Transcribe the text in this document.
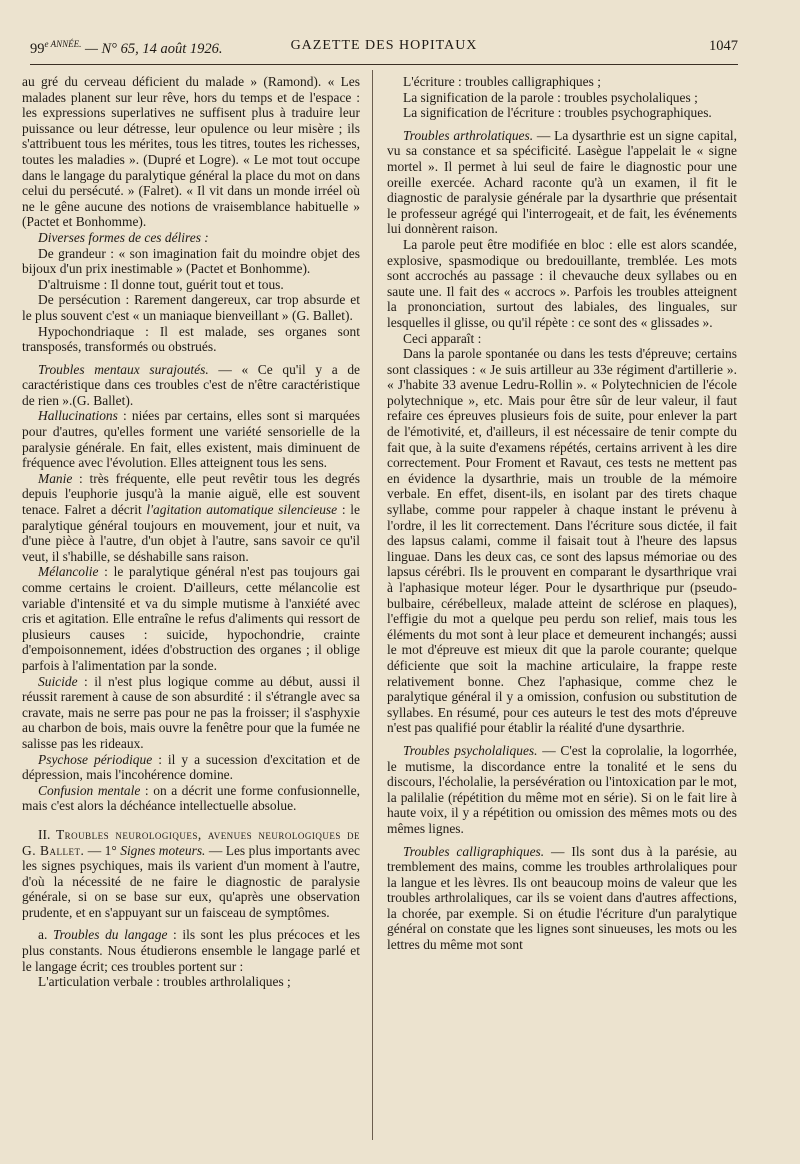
$99^{e ANNÉE.}$ — N° 65, 14 août 1926.	GAZETTE DES HOPITAUX	1047

au gré du cerveau déficient du malade » (Ramond). « Les malades planent sur leur rêve, hors du temps et de l'espace : les expressions superlatives ne suffisent plus à traduire leur puissance ou leur détresse, leur opulence ou leur misère ; ils s'attribuent tous les mérites, tous les titres, toutes les richesses, toutes les maladies ». (Dupré et Logre). « Le mot tout occupe dans le langage du paralytique général la place du mot on dans celui du persécuté. » (Falret). « Il vit dans un monde irréel où ne le gêne aucune des notions de vraisemblance habituelle » (Pactet et Bonhomme).

Diverses formes de ces délires :

De grandeur : « son imagination fait du moindre objet des bijoux d'un prix inestimable » (Pactet et Bonhomme).

D'altruisme : Il donne tout, guérit tout et tous.

De persécution : Rarement dangereux, car trop absurde et le plus souvent c'est « un maniaque bienveillant » (G. Ballet).

Hypochondriaque : Il est malade, ses organes sont transposés, transformés ou obstrués.

Troubles mentaux surajoutés. — « Ce qu'il y a de caractéristique dans ces troubles c'est de n'être caractéristique de rien ».(G. Ballet).

Hallucinations : niées par certains, elles sont si marquées pour d'autres, qu'elles forment une variété sensorielle de la paralysie générale. En fait, elles existent, mais diminuent de fréquence avec l'évolution. Elles atteignent tous les sens.

Manie : très fréquente, elle peut revêtir tous les degrés depuis l'euphorie jusqu'à la manie aiguë, elle est souvent tenace. Falret a décrit l'agitation automatique silencieuse : le paralytique général toujours en mouvement, jour et nuit, va d'une pièce à l'autre, d'un objet à l'autre, sans savoir ce qu'il veut, il s'habille, se déshabille sans raison.

Mélancolie : le paralytique général n'est pas toujours gai comme certains le croient. D'ailleurs, cette mélancolie est variable d'intensité et va du simple mutisme à l'anxiété avec cris et agitation. Elle entraîne le refus d'aliments qui ressort de plusieurs causes : suicide, hypochondrie, crainte d'empoisonnement, idées d'obstruction des organes ; il oblige parfois à l'alimentation par la sonde.

Suicide : il n'est plus logique comme au début, aussi il réussit rarement à cause de son absurdité : il s'étrangle avec sa cravate, mais ne serre pas pour ne pas la froisser; il s'asphyxie au charbon de bois, mais ouvre la fenêtre pour que la fumée ne salisse pas les rideaux.

Psychose périodique : il y a sucession d'excitation et de dépression, mais l'incohérence domine.

Confusion mentale : on a décrit une forme confusionnelle, mais c'est alors la déchéance intellectuelle absolue.

II. Troubles neurologiques, avenues neurologiques de G. Ballet. — 1° Signes moteurs. — Les plus importants avec les signes psychiques, mais ils varient d'un moment à l'autre, d'où la nécessité de ne faire le diagnostic de paralysie générale, si on se base sur eux, qu'après une observation prudente, et en s'appuyant sur un faisceau de symptômes.

a. Troubles du langage : ils sont les plus précoces et les plus constants. Nous étudierons ensemble le langage parlé et le langage écrit; ces troubles portent sur :

L'articulation verbale : troubles arthrolaliques ;

L'écriture : troubles calligraphiques ;

La signification de la parole : troubles psycholaliques ;

La signification de l'écriture : troubles psychographiques.

Troubles arthrolatiques. — La dysarthrie est un signe capital, vu sa constance et sa spécificité. Lasègue l'appelait le « signe mortel ». Il permet à lui seul de faire le diagnostic pour une oreille exercée. Achard raconte qu'à un examen, il fit le diagnostic de paralysie générale par la dysarthrie que présentait le professeur agrégé qui l'interrogeait, et de fait, les événements lui donnèrent raison.

La parole peut être modifiée en bloc : elle est alors scandée, explosive, spasmodique ou bredouillante, tremblée. Les mots sont accrochés au passage : il chevauche deux syllabes ou en saute une. Il fait des « accrocs ». Parfois les troubles atteignent la prononciation, surtout des labiales, des linguales, sur lesquelles il glisse, ou qu'il répète : ce sont des « glissades ».

Ceci apparaît :

Dans la parole spontanée ou dans les tests d'épreuve; certains sont classiques : « Je suis artilleur au 33e régiment d'artillerie ». « J'habite 33 avenue Ledru-Rollin ». « Polytechnicien de l'école polytechnique », etc. Mais pour être sûr de leur valeur, il faut refaire ces épreuves plusieurs fois de suite, pour enlever la part de l'émotivité, et, d'ailleurs, il est nécessaire de tenir compte du fait que, à la suite d'examens répétés, certains arrivent à les dire correctement. Pour Froment et Ravaut, ces tests ne mettent pas en évidence la dysarthrie, mais un trouble de la mémoire verbale. En effet, disent-ils, en isolant par des tirets chaque syllabe, comme pour rappeler à chaque instant le prévenu à l'ordre, il les lit correctement. Dans l'écriture sous dictée, il fait des lapsus calami, comme il faisait tout à l'heure des lapsus linguae. Dans les deux cas, ce sont des lapsus mémoriae ou des lapsus cérébri. Ils le prouvent en comparant le dysarthrique vrai à l'aphasique moteur léger. Pour le dysarthrique pur (pseudo-bulbaire, cérébelleux, malade atteint de sclérose en plaques), l'effigie du mot a quelque peu perdu son relief, mais tous les éléments du mot sont à leur place et demeurent inchangés; aussi le mot d'épreuve est mieux dit que la parole courante; quelque déficiente que soit la machine articulaire, la frappe reste relativement bonne. Chez l'aphasique, comme chez le paralytique général il y a omission, confusion ou substitution de syllabes. En résumé, pour ces auteurs le test des mots d'épreuve n'est pas qualifié pour établir la réalité d'une dysarthrie.

Troubles psycholaliques. — C'est la coprolalie, la logorrhée, le mutisme, la discordance entre la tonalité et le sens du discours, l'écholalie, la persévération ou l'intoxication par le mot, la palilalie (répétition du même mot en série). Si on le fait lire à haute voix, il y a répétition ou omission des mêmes mots ou des mêmes lignes.

Troubles calligraphiques. — Ils sont dus à la parésie, au tremblement des mains, comme les troubles arthrolaliques pour la langue et les lèvres. Ils ont beaucoup moins de valeur que les troubles arthrolaliques, car ils se voient dans d'autres affections, la chorée, par exemple. Si on étudie l'écriture d'un paralytique général on constate que les lignes sont sinueuses, les mots ou les lettres du même mot sont
